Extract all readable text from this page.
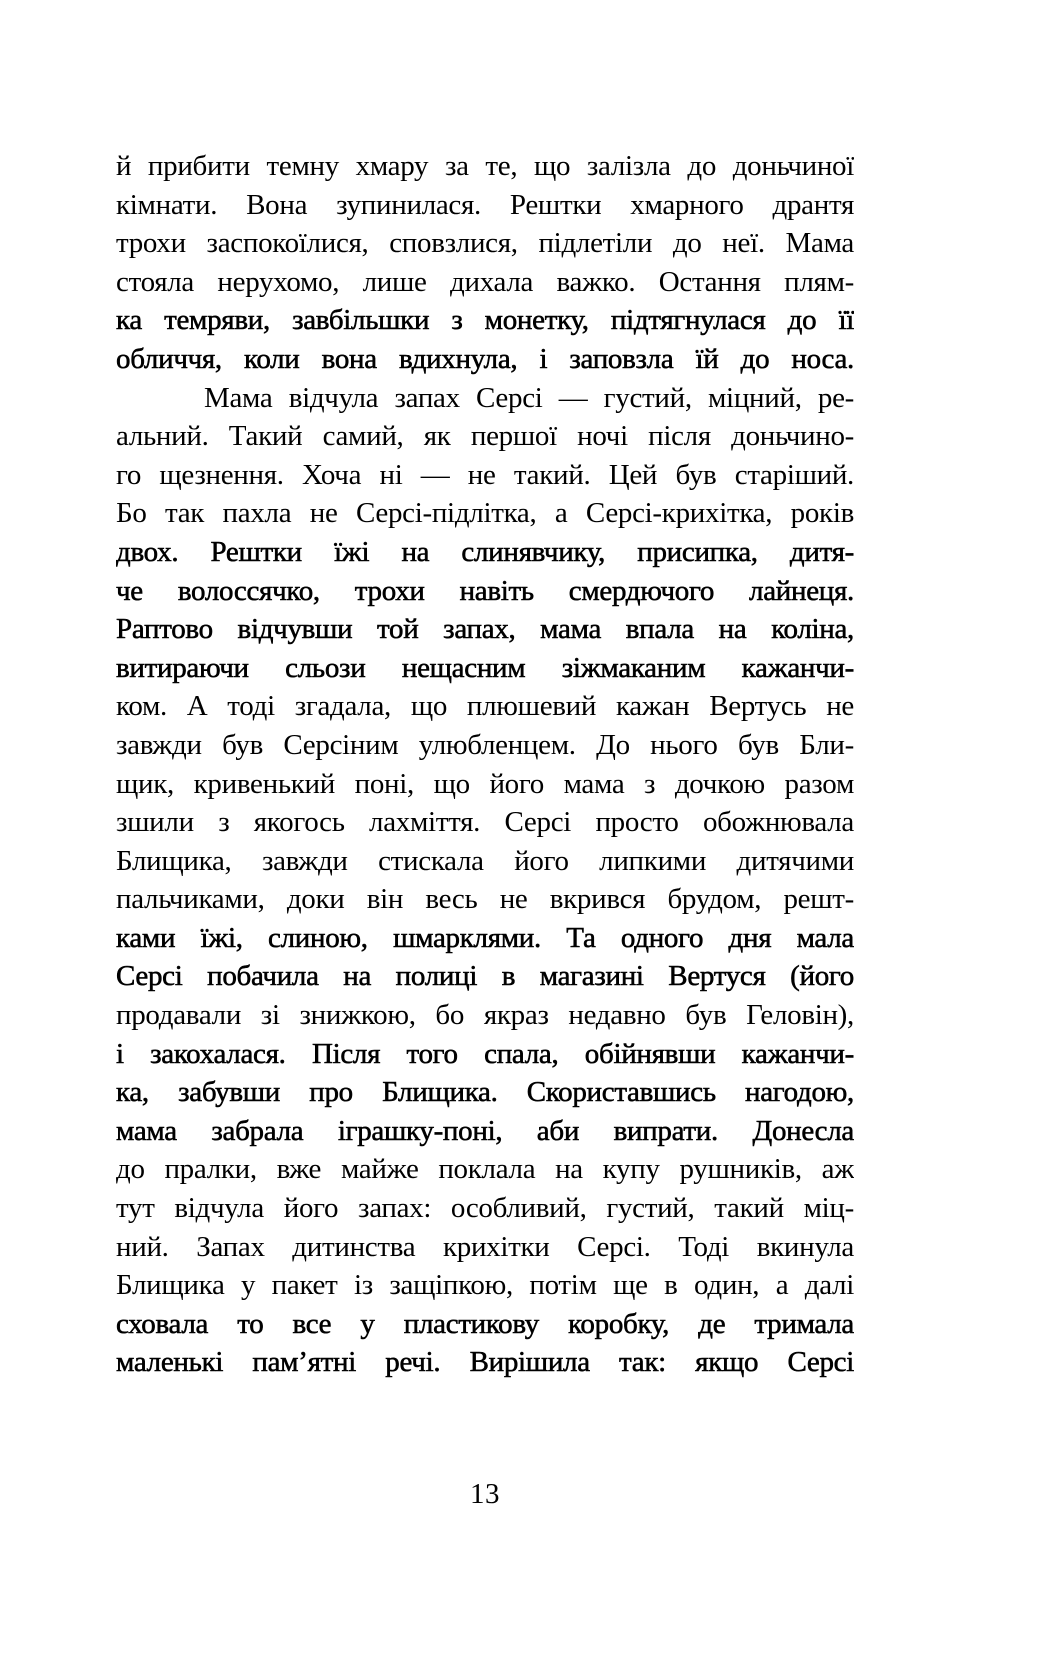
й прибити темну хмару за те, що залізла до доньчиної
кімнати. Вона зупинилася. Рештки хмарного дрантя
трохи заспокоїлися, сповзлися, підлетіли до неї. Мама
стояла нерухомо, лише дихала важко. Остання плям-
ка темряви, завбільшки з монетку, підтягнулася до її
обличчя, коли вона вдихнула, і заповзла їй до носа.
Мама відчула запах Серсі — густий, міцний, ре-
альний. Такий самий, як першої ночі після доньчино-
го щезнення. Хоча ні — не такий. Цей був старіший.
Бо так пахла не Серсі-підлітка, а Серсі-крихітка, років
двох. Рештки їжі на слинявчику, присипка, дитя-
че волоссячко, трохи навіть смердючого лайнеця.
Раптово відчувши той запах, мама впала на коліна,
витираючи сльози нещасним зіжмаканим кажанчи-
ком. А тоді згадала, що плюшевий кажан Вертусь не
завжди був Серсіним улюбленцем. До нього був Бли-
щик, кривенький поні, що його мама з дочкою разом
зшили з якогось лахміття. Серсі просто обожнювала
Блищика, завжди стискала його липкими дитячими
пальчиками, доки він весь не вкрився брудом, решт-
ками їжі, слиною, шмарклями. Та одного дня мала
Серсі побачила на полиці в магазині Вертуся (його
продавали зі знижкою, бо якраз недавно був Геловін),
і закохалася. Після того спала, обійнявши кажанчи-
ка, забувши про Блищика. Скориставшись нагодою,
мама забрала іграшку-поні, аби випрати. Донесла
до пралки, вже майже поклала на купу рушників, аж
тут відчула його запах: особливий, густий, такий міц-
ний. Запах дитинства крихітки Серсі. Тоді вкинула
Блищика у пакет із защіпкою, потім ще в один, а далі
сховала то все у пластикову коробку, де тримала
маленькі пам’ятні речі. Вирішила так: якщо Серсі
13
